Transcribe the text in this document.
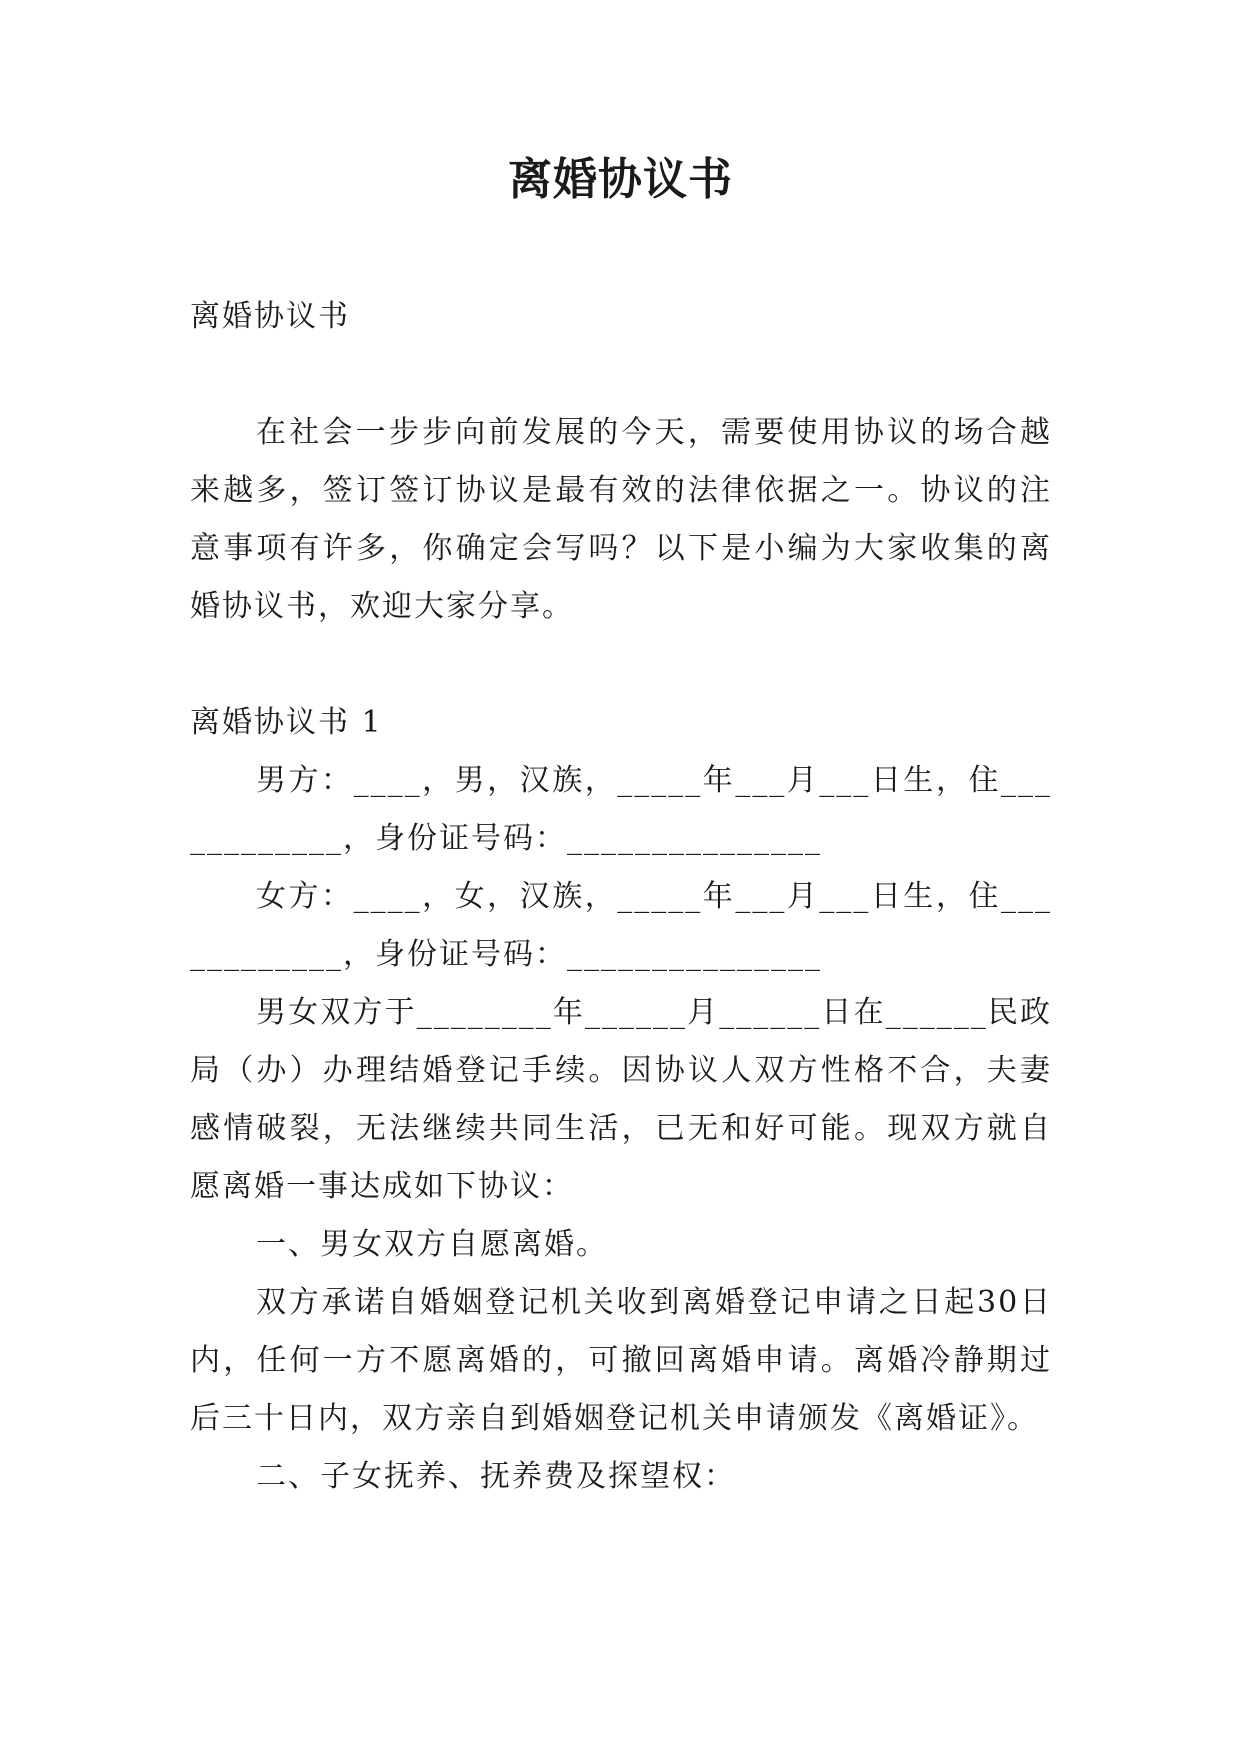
离婚协议书

离婚协议书

在社会一步步向前发展的今天，需要使用协议的场合越来越多，签订签订协议是最有效的法律依据之一。协议的注意事项有许多，你确定会写吗？以下是小编为大家收集的离婚协议书，欢迎大家分享。

离婚协议书 1

男方：____，男，汉族，_____年___月___日生，住____________，身份证号码：_______________

女方：____，女，汉族，_____年___月___日生，住____________，身份证号码：_______________

男女双方于________年______月______日在______民政局（办）办理结婚登记手续。因协议人双方性格不合，夫妻感情破裂，无法继续共同生活，已无和好可能。现双方就自愿离婚一事达成如下协议：

一、男女双方自愿离婚。

双方承诺自婚姻登记机关收到离婚登记申请之日起30日内，任何一方不愿离婚的，可撤回离婚申请。离婚冷静期过后三十日内，双方亲自到婚姻登记机关申请颁发《离婚证》。

二、子女抚养、抚养费及探望权：
